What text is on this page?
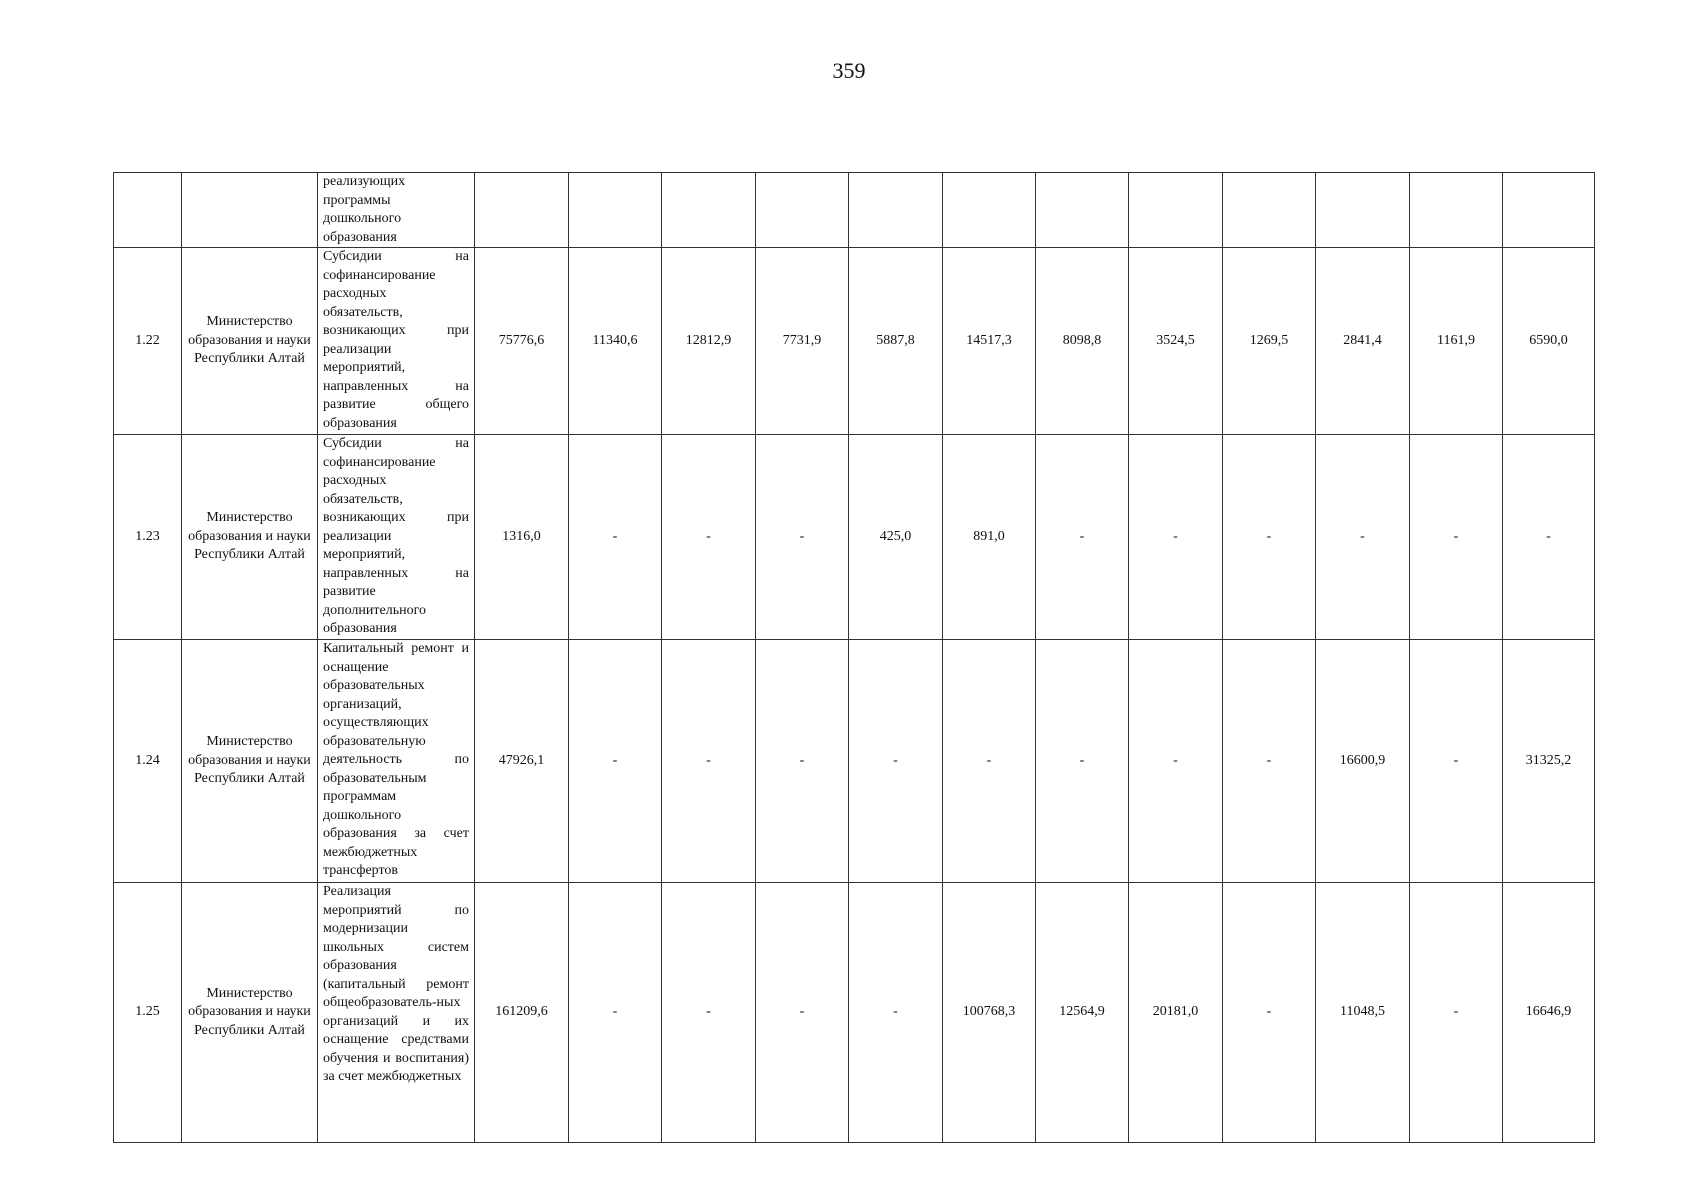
359

		реализующих программы дошкольного образования												

1.22	Министерство образования и науки Республики Алтай	Субсидии на софинансирование расходных обязательств, возникающих при реализации мероприятий, направленных на развитие общего образования	75776,6	11340,6	12812,9	7731,9	5887,8	14517,3	8098,8	3524,5	1269,5	2841,4	1161,9	6590,0
1.23	Министерство образования и науки Республики Алтай	Субсидии на софинансирование расходных обязательств, возникающих при реализации мероприятий, направленных на развитие дополнительного образования	1316,0	-	-	-	425,0	891,0	-	-	-	-	-	-
1.24	Министерство образования и науки Республики Алтай	Капитальный ремонт и оснащение образовательных организаций, осуществляющих образовательную деятельность по образовательным программам дошкольного образования за счет межбюджетных трансфертов	47926,1	-	-	-	-	-	-	-	-	16600,9	-	31325,2
1.25	Министерство образования и науки Республики Алтай	Реализация мероприятий по модернизации школьных систем образования (капитальный ремонт общеобразователь-ных организаций и их оснащение средствами обучения и воспитания) за счет межбюджетных	161209,6	-	-	-	-	100768,3	12564,9	20181,0	-	11048,5	-	16646,9
